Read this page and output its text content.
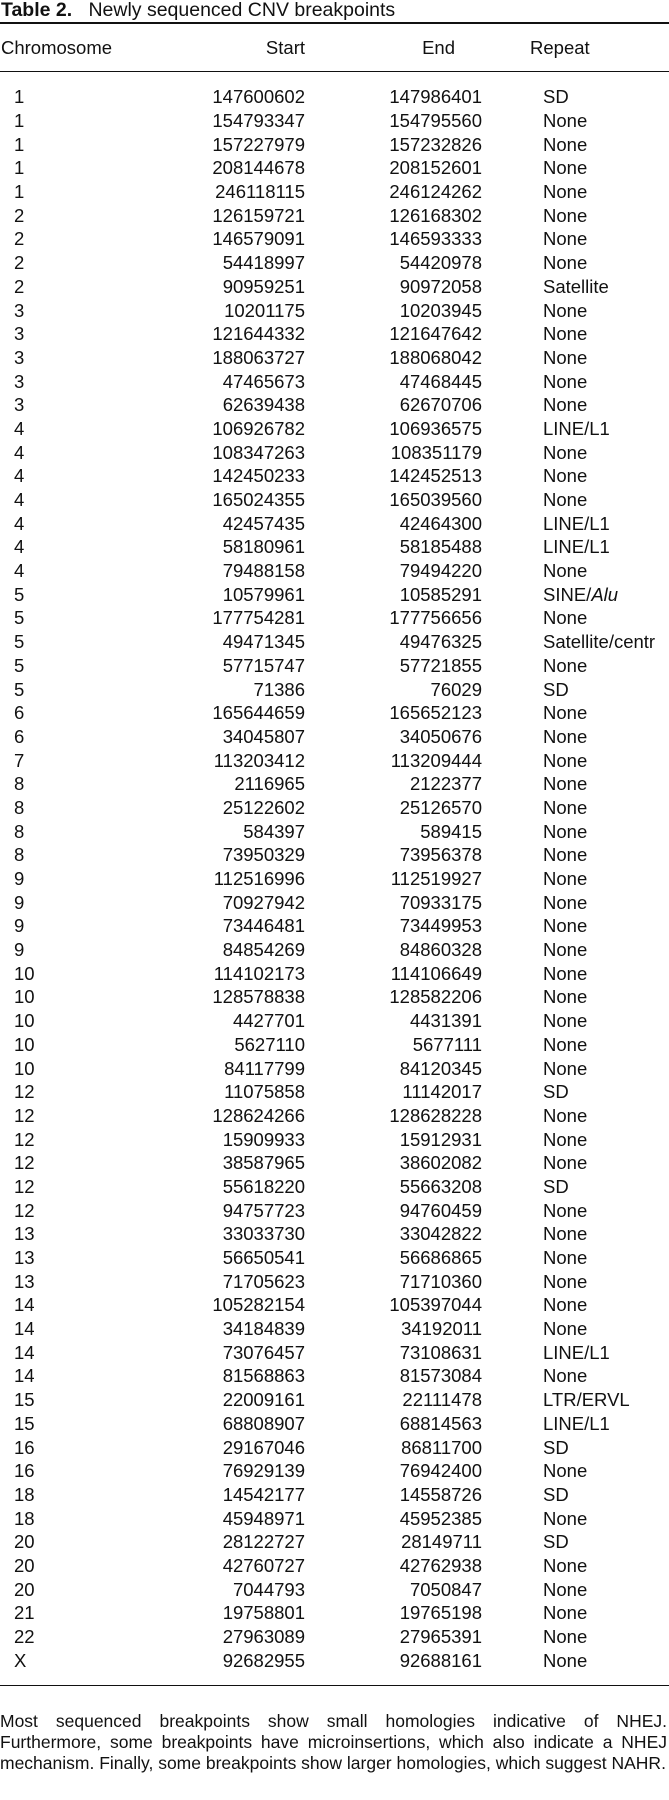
Table 2. Newly sequenced CNV breakpoints
Chromosome	Start	End	Repeat
1	147600602	147986401	SD
1	154793347	154795560	None
1	157227979	157232826	None
1	208144678	208152601	None
1	246118115	246124262	None
2	126159721	126168302	None
2	146579091	146593333	None
2	54418997	54420978	None
2	90959251	90972058	Satellite
3	10201175	10203945	None
3	121644332	121647642	None
3	188063727	188068042	None
3	47465673	47468445	None
3	62639438	62670706	None
4	106926782	106936575	LINE/L1
4	108347263	108351179	None
4	142450233	142452513	None
4	165024355	165039560	None
4	42457435	42464300	LINE/L1
4	58180961	58185488	LINE/L1
4	79488158	79494220	None
5	10579961	10585291	SINE/Alu
5	177754281	177756656	None
5	49471345	49476325	Satellite/centr
5	57715747	57721855	None
5	71386	76029	SD
6	165644659	165652123	None
6	34045807	34050676	None
7	113203412	113209444	None
8	2116965	2122377	None
8	25122602	25126570	None
8	584397	589415	None
8	73950329	73956378	None
9	112516996	112519927	None
9	70927942	70933175	None
9	73446481	73449953	None
9	84854269	84860328	None
10	114102173	114106649	None
10	128578838	128582206	None
10	4427701	4431391	None
10	5627110	5677111	None
10	84117799	84120345	None
12	11075858	11142017	SD
12	128624266	128628228	None
12	15909933	15912931	None
12	38587965	38602082	None
12	55618220	55663208	SD
12	94757723	94760459	None
13	33033730	33042822	None
13	56650541	56686865	None
13	71705623	71710360	None
14	105282154	105397044	None
14	34184839	34192011	None
14	73076457	73108631	LINE/L1
14	81568863	81573084	None
15	22009161	22111478	LTR/ERVL
15	68808907	68814563	LINE/L1
16	29167046	86811700	SD
16	76929139	76942400	None
18	14542177	14558726	SD
18	45948971	45952385	None
20	28122727	28149711	SD
20	42760727	42762938	None
20	7044793	7050847	None
21	19758801	19765198	None
22	27963089	27965391	None
X	92682955	92688161	None
Most sequenced breakpoints show small homologies indicative of NHEJ. Furthermore, some breakpoints have microinsertions, which also indicate a NHEJ mechanism. Finally, some breakpoints show larger homologies, which suggest NAHR.
